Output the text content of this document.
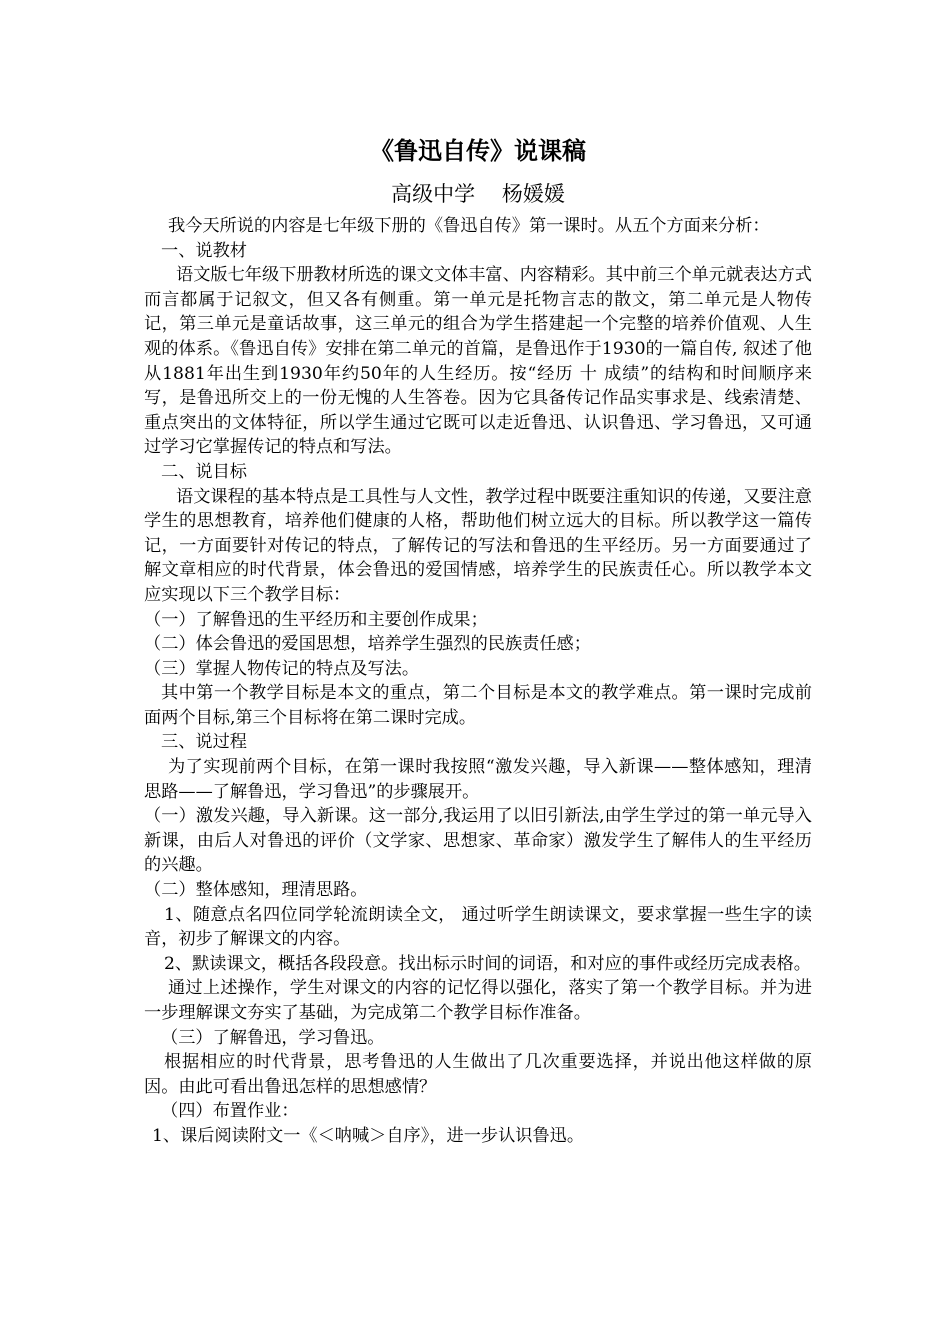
《鲁迅自传》说课稿
高级中学    杨媛媛

我今天所说的内容是七年级下册的《鲁迅自传》第一课时。从五个方面来分析：

一、说教材

语文版七年级下册教材所选的课文文体丰富、内容精彩。其中前三个单元就表达方式而言都属于记叙文，但又各有侧重。第一单元是托物言志的散文，第二单元是人物传记，第三单元是童话故事，这三单元的组合为学生搭建起一个完整的培养价值观、人生观的体系。《鲁迅自传》安排在第二单元的首篇，是鲁迅作于1930的一篇自传, 叙述了他从1881年出生到1930年约50年的人生经历。按“经历 十 成绩”的结构和时间顺序来写，是鲁迅所交上的一份无愧的人生答卷。因为它具备传记作品实事求是、线索清楚、重点突出的文体特征，所以学生通过它既可以走近鲁迅、认识鲁迅、学习鲁迅，又可通过学习它掌握传记的特点和写法。

二、说目标

语文课程的基本特点是工具性与人文性，教学过程中既要注重知识的传递，又要注意学生的思想教育，培养他们健康的人格，帮助他们树立远大的目标。所以教学这一篇传记，一方面要针对传记的特点，了解传记的写法和鲁迅的生平经历。另一方面要通过了解文章相应的时代背景，体会鲁迅的爱国情感，培养学生的民族责任心。所以教学本文应实现以下三个教学目标：

（一）了解鲁迅的生平经历和主要创作成果；

（二）体会鲁迅的爱国思想，培养学生强烈的民族责任感；

（三）掌握人物传记的特点及写法。

其中第一个教学目标是本文的重点，第二个目标是本文的教学难点。第一课时完成前面两个目标,第三个目标将在第二课时完成。

三、说过程

为了实现前两个目标，在第一课时我按照“激发兴趣，导入新课——整体感知，理清思路——了解鲁迅，学习鲁迅”的步骤展开。

（一）激发兴趣，导入新课。这一部分,我运用了以旧引新法,由学生学过的第一单元导入新课，由后人对鲁迅的评价（文学家、思想家、革命家）激发学生了解伟人的生平经历的兴趣。

（二）整体感知，理清思路。

1、随意点名四位同学轮流朗读全文， 通过听学生朗读课文，要求掌握一些生字的读音，初步了解课文的内容。

2、默读课文，概括各段段意。找出标示时间的词语，和对应的事件或经历完成表格。

通过上述操作，学生对课文的内容的记忆得以强化，落实了第一个教学目标。并为进一步理解课文夯实了基础，为完成第二个教学目标作准备。

（三）了解鲁迅，学习鲁迅。

根据相应的时代背景，思考鲁迅的人生做出了几次重要选择，并说出他这样做的原因。由此可看出鲁迅怎样的思想感情？

（四）布置作业：

1、课后阅读附文一《＜呐喊＞自序》，进一步认识鲁迅。
